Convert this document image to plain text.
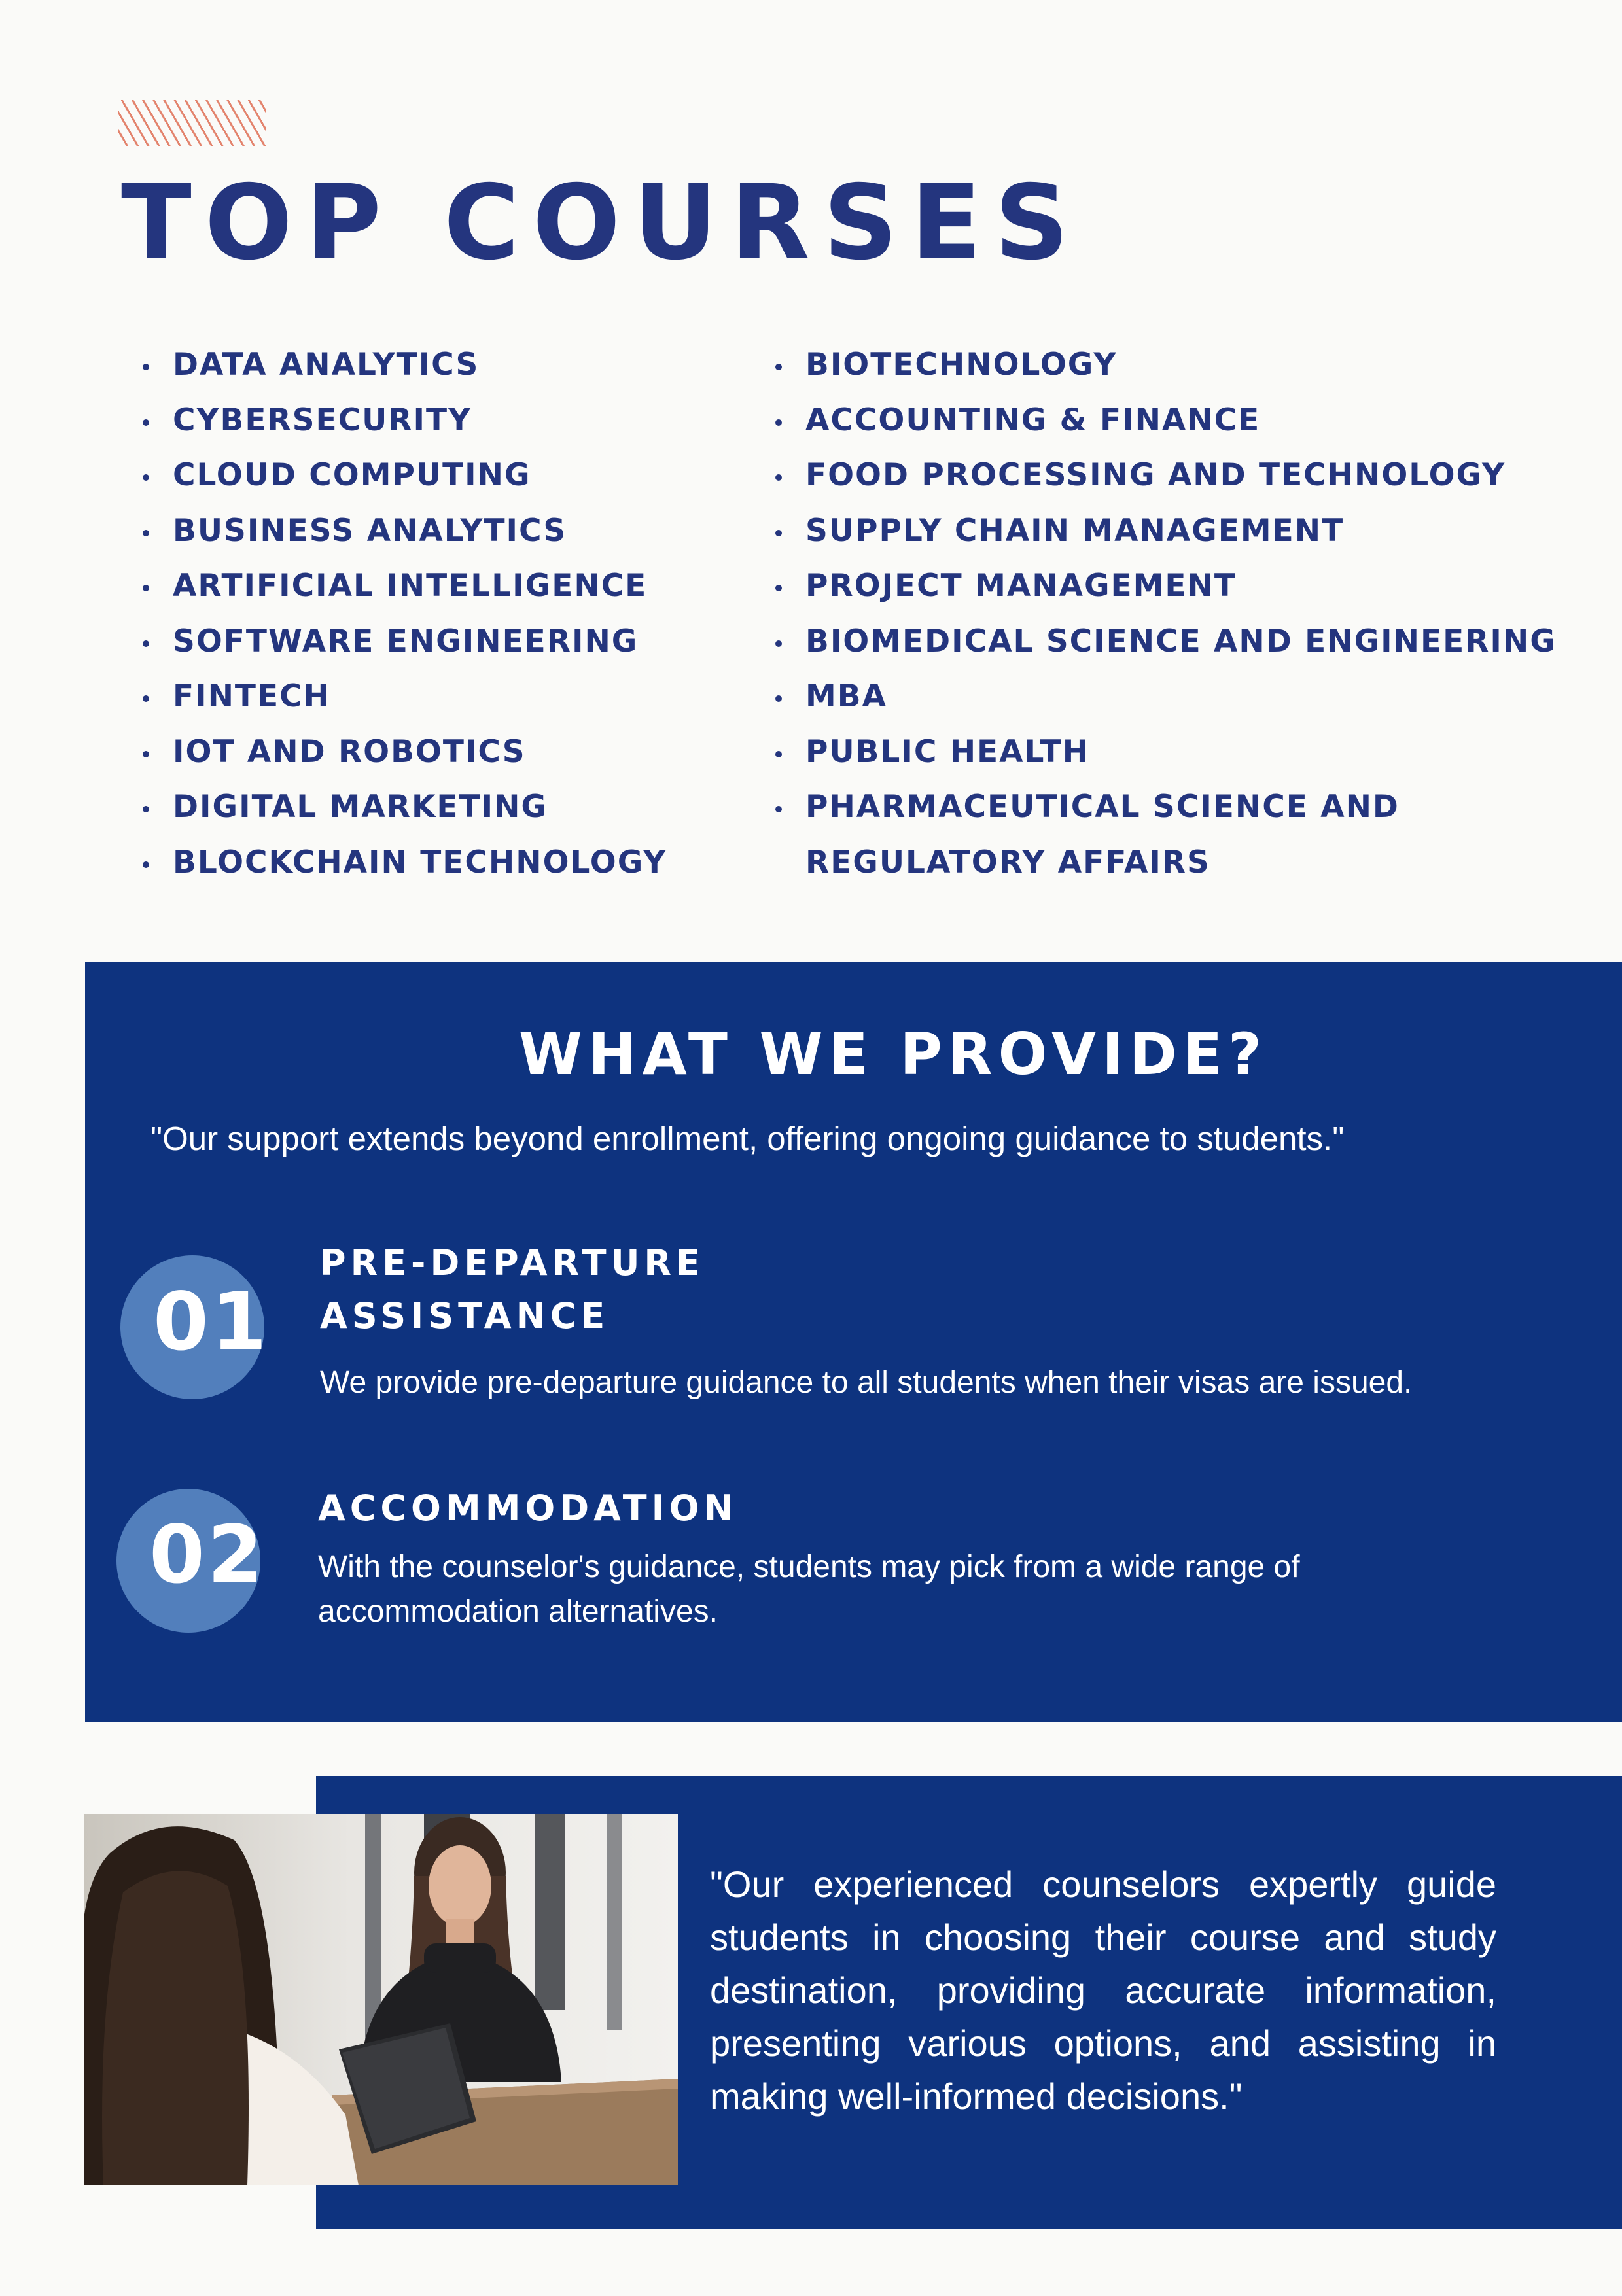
TOP COURSES
DATA ANALYTICS
CYBERSECURITY
CLOUD COMPUTING
BUSINESS ANALYTICS
ARTIFICIAL INTELLIGENCE
SOFTWARE ENGINEERING
FINTECH
IOT AND ROBOTICS
DIGITAL MARKETING
BLOCKCHAIN TECHNOLOGY
BIOTECHNOLOGY
ACCOUNTING & FINANCE
FOOD PROCESSING AND TECHNOLOGY
SUPPLY CHAIN MANAGEMENT
PROJECT MANAGEMENT
BIOMEDICAL SCIENCE AND ENGINEERING
MBA
PUBLIC HEALTH
PHARMACEUTICAL SCIENCE AND REGULATORY AFFAIRS
WHAT WE PROVIDE?

"Our support extends beyond enrollment, offering ongoing guidance to students."

01

PRE-DEPARTURE ASSISTANCE

We provide pre-departure guidance to all students when their visas are issued.

02

ACCOMMODATION

With the counselor's guidance, students may pick from a wide range of accommodation alternatives.

"Our experienced counselors expertly guide students in choosing their course and study destination, providing accurate information, presenting various options, and assisting in making well-informed decisions."
